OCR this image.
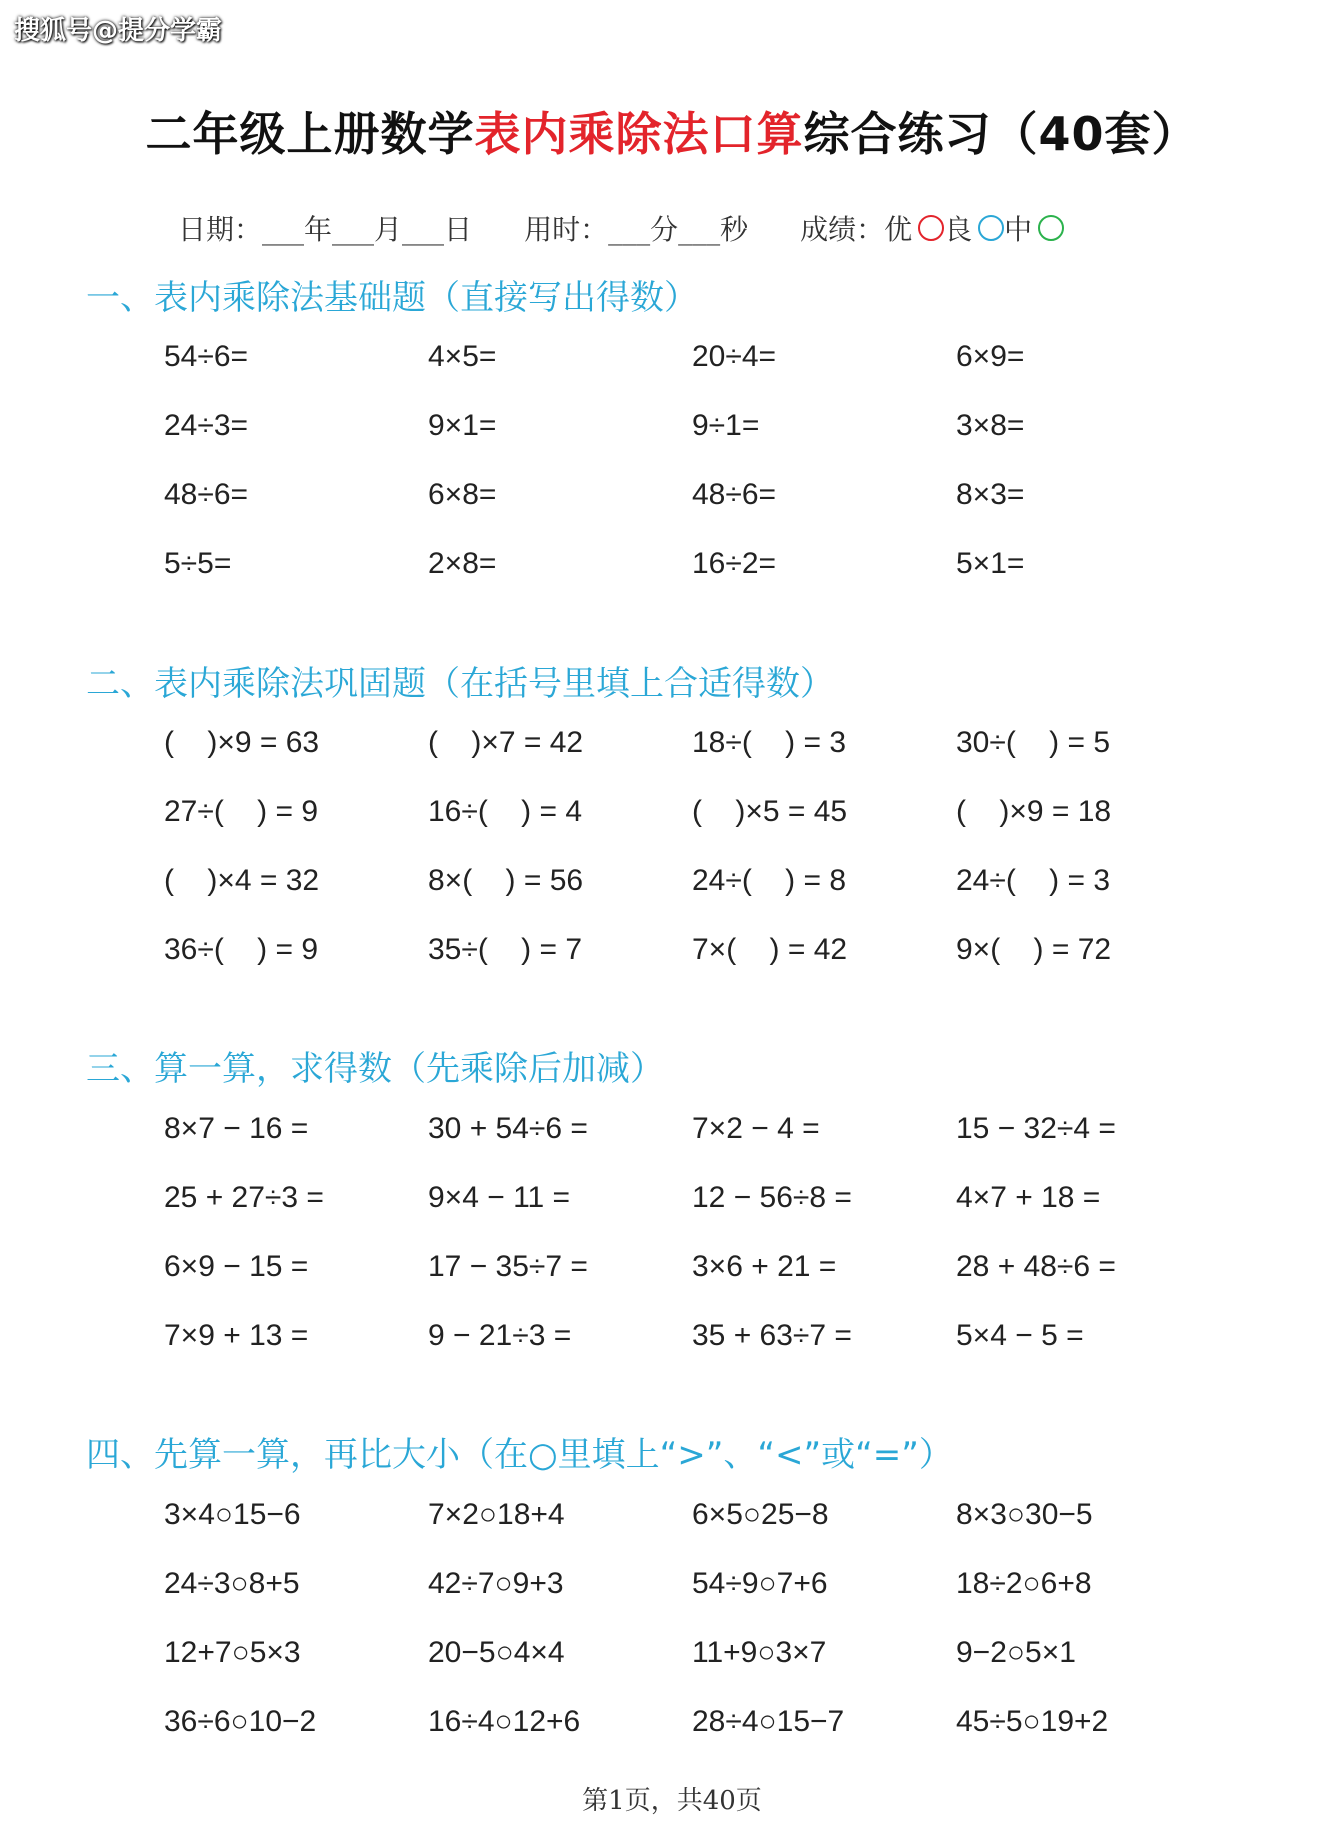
搜狐号@提分学霸
二年级上册数学表内乘除法口算综合练习（40套）
日期：___年___月___日 用时：___分___秒 成绩：优 良 中
一、表内乘除法基础题（直接写出得数）
54÷6=	4×5=	20÷4=	6×9=
24÷3=	9×1=	9÷1=	3×8=
48÷6=	6×8=	48÷6=	8×3=
5÷5=	2×8=	16÷2=	5×1=
二、表内乘除法巩固题（在括号里填上合适得数）
(    )×9 = 63	(    )×7 = 42	18÷(    ) = 3	30÷(    ) = 5
27÷(    ) = 9	16÷(    ) = 4	(    )×5 = 45	(    )×9 = 18
(    )×4 = 32	8×(    ) = 56	24÷(    ) = 8	24÷(    ) = 3
36÷(    ) = 9	35÷(    ) = 7	7×(    ) = 42	9×(    ) = 72
三、算一算，求得数（先乘除后加减）
8×7 − 16 =	30 + 54÷6 =	7×2 − 4 =	15 − 32÷4 =
25 + 27÷3 =	9×4 − 11 =	12 − 56÷8 =	4×7 + 18 =
6×9 − 15 =	17 − 35÷7 =	3×6 + 21 =	28 + 48÷6 =
7×9 + 13 =	9 − 21÷3 =	35 + 63÷7 =	5×4 − 5 =
四、先算一算，再比大小（在○里填上“>”、“<”或“=”）
3×4○15−6	7×2○18+4	6×5○25−8	8×3○30−5
24÷3○8+5	42÷7○9+3	54÷9○7+6	18÷2○6+8
12+7○5×3	20−5○4×4	11+9○3×7	9−2○5×1
36÷6○10−2	16÷4○12+6	28÷4○15−7	45÷5○19+2
第1页，共40页
